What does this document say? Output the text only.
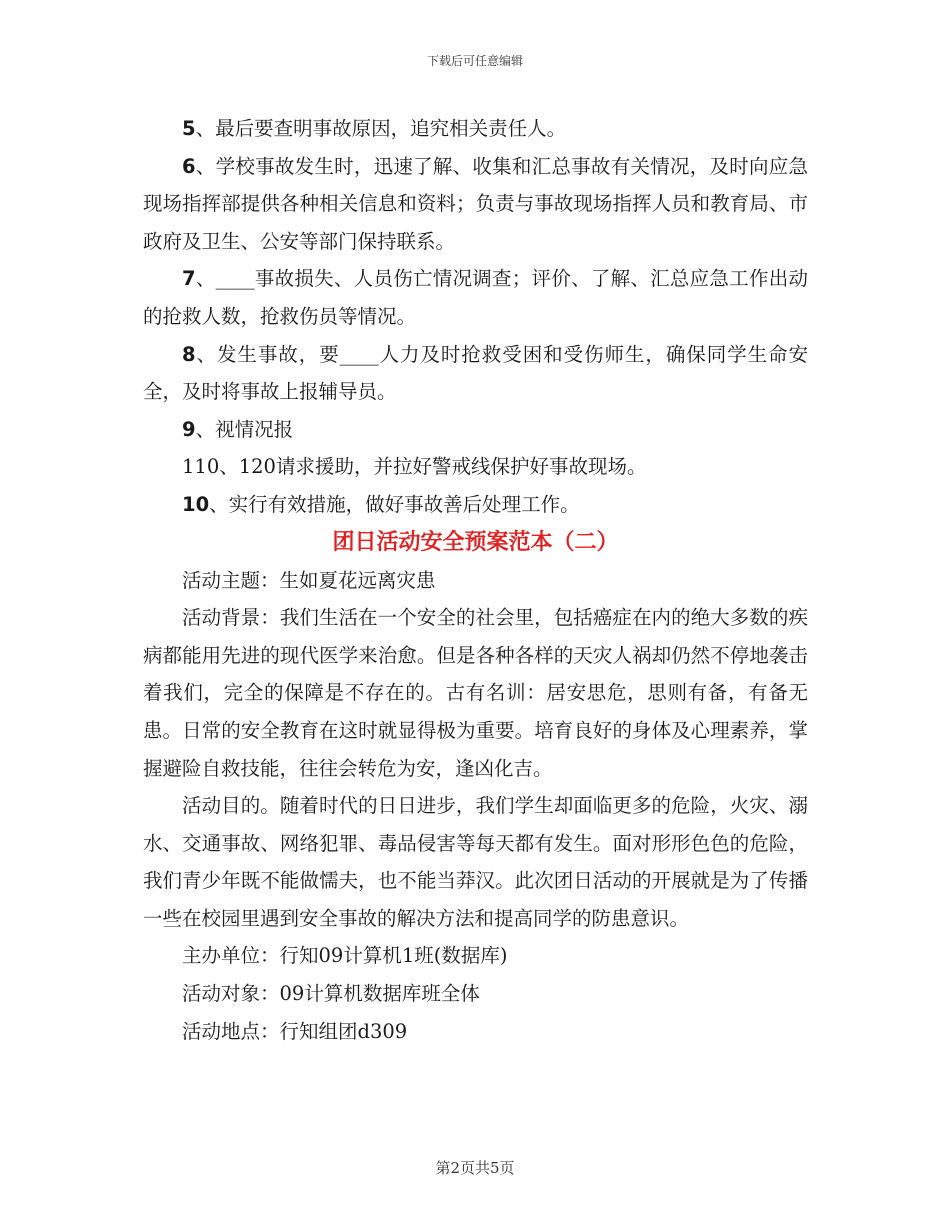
下载后可任意编辑

5、最后要查明事故原因，追究相关责任人。

6、学校事故发生时，迅速了解、收集和汇总事故有关情况，及时向应急现场指挥部提供各种相关信息和资料；负责与事故现场指挥人员和教育局、市政府及卫生、公安等部门保持联系。

7、____事故损失、人员伤亡情况调查；评价、了解、汇总应急工作出动的抢救人数，抢救伤员等情况。

8、发生事故，要____人力及时抢救受困和受伤师生，确保同学生命安全，及时将事故上报辅导员。

9、视情况报

110、120请求援助，并拉好警戒线保护好事故现场。

10、实行有效措施，做好事故善后处理工作。

团日活动安全预案范本（二）

活动主题：生如夏花远离灾患

活动背景：我们生活在一个安全的社会里，包括癌症在内的绝大多数的疾病都能用先进的现代医学来治愈。但是各种各样的天灾人祸却仍然不停地袭击着我们，完全的保障是不存在的。古有名训：居安思危，思则有备，有备无患。日常的安全教育在这时就显得极为重要。培育良好的身体及心理素养，掌握避险自救技能，往往会转危为安，逢凶化吉。

活动目的。随着时代的日日进步，我们学生却面临更多的危险，火灾、溺水、交通事故、网络犯罪、毒品侵害等每天都有发生。面对形形色色的危险，我们青少年既不能做懦夫，也不能当莽汉。此次团日活动的开展就是为了传播一些在校园里遇到安全事故的解决方法和提高同学的防患意识。

主办单位：行知09计算机1班(数据库)

活动对象：09计算机数据库班全体

活动地点：行知组团d309

第2页共5页
